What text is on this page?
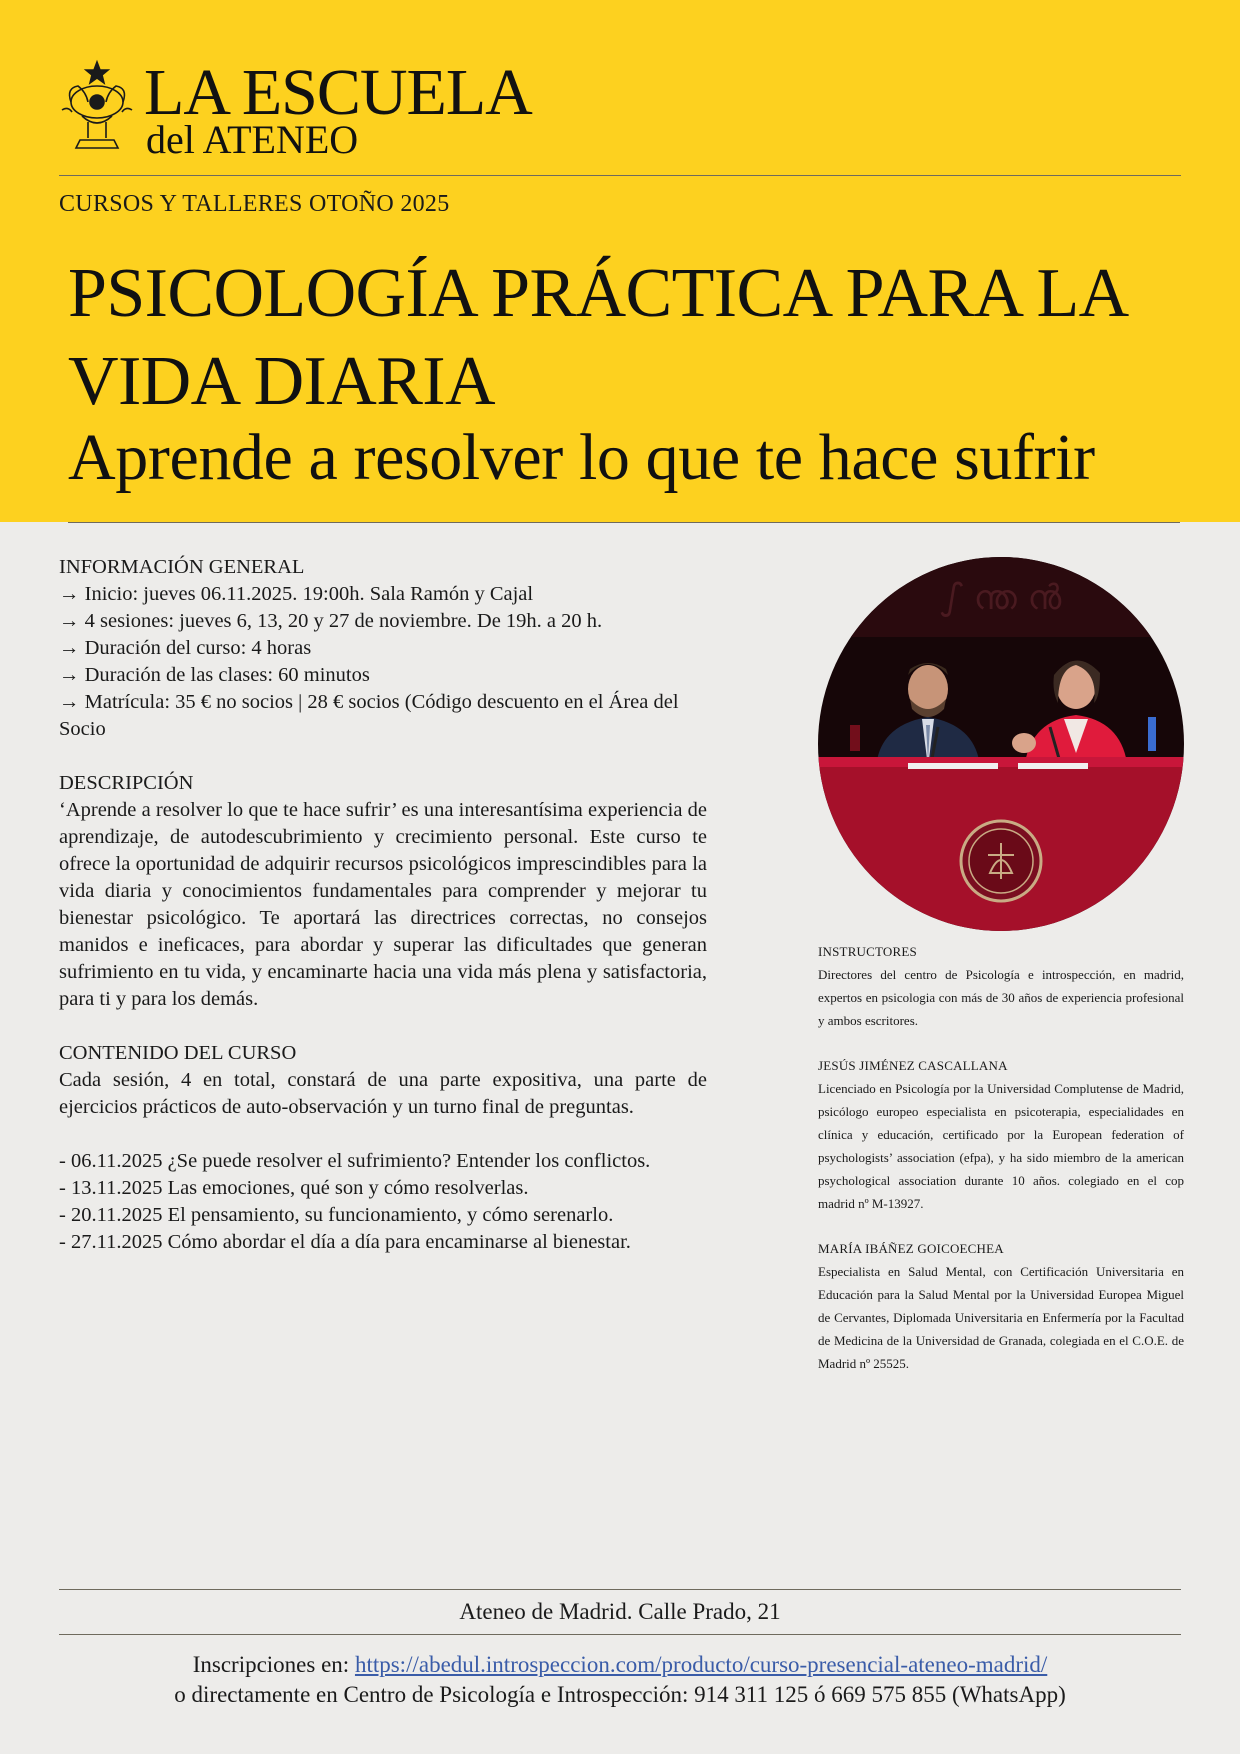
LA ESCUELA
del ATENEO
CURSOS Y TALLERES OTOÑO 2025
PSICOLOGÍA PRÁCTICA PARA LA VIDA DIARIA
Aprende a resolver lo que te hace sufrir
INFORMACIÓN GENERAL
→ Inicio: jueves 06.11.2025. 19:00h. Sala Ramón y Cajal
→ 4 sesiones: jueves 6, 13, 20 y 27 de noviembre. De 19h. a 20 h.
→ Duración del curso: 4 horas
→ Duración de las clases: 60 minutos
→ Matrícula: 35 € no socios | 28 € socios (Código descuento en el Área del Socio
DESCRIPCIÓN
‘Aprende a resolver lo que te hace sufrir’ es una interesantísima experiencia de aprendizaje, de autodescubrimiento y crecimiento personal. Este curso te ofrece la oportunidad de adquirir recursos psicológicos imprescindibles para la vida diaria y conocimientos fundamentales para comprender y mejorar tu bienestar psicológico. Te aportará las directrices correctas, no consejos manidos e ineficaces, para abordar y superar las dificultades que generan sufrimiento en tu vida, y encaminarte hacia una vida más plena y satisfactoria, para ti y para los demás.
CONTENIDO DEL CURSO
Cada sesión, 4 en total, constará de una parte expositiva, una parte de ejercicios prácticos de auto-observación y un turno final de preguntas.
- 06.11.2025 ¿Se puede resolver el sufrimiento? Entender los conflictos.
- 13.11.2025 Las emociones, qué son y cómo resolverlas.
- 20.11.2025 El pensamiento, su funcionamiento, y cómo serenarlo.
- 27.11.2025 Cómo abordar el día a día para encaminarse al bienestar.
ഽ ന്ത ൻ
INSTRUCTORES
Directores del centro de Psicología e introspección, en madrid, expertos en psicologia con más de 30 años de experiencia profesional y ambos escritores.
JESÚS JIMÉNEZ CASCALLANA
Licenciado en Psicología por la Universidad Complutense de Madrid, psicólogo europeo especialista en psicoterapia, especialidades en clínica y educación, certificado por la European federation of psychologists’ association (efpa), y ha sido miembro de la american psychological association durante 10 años. colegiado en el cop madrid nº M-13927.
MARÍA IBÁÑEZ GOICOECHEA
Especialista en Salud Mental, con Certificación Universitaria en Educación para la Salud Mental por la Universidad Europea Miguel de Cervantes, Diplomada Universitaria en Enfermería por la Facultad de Medicina de la Universidad de Granada, colegiada en el C.O.E. de Madrid nº 25525.
Ateneo de Madrid. Calle Prado, 21
Inscripciones en: https://abedul.introspeccion.com/producto/curso-presencial-ateneo-madrid/
o directamente en Centro de Psicología e Introspección: 914 311 125 ó 669 575 855 (WhatsApp)
